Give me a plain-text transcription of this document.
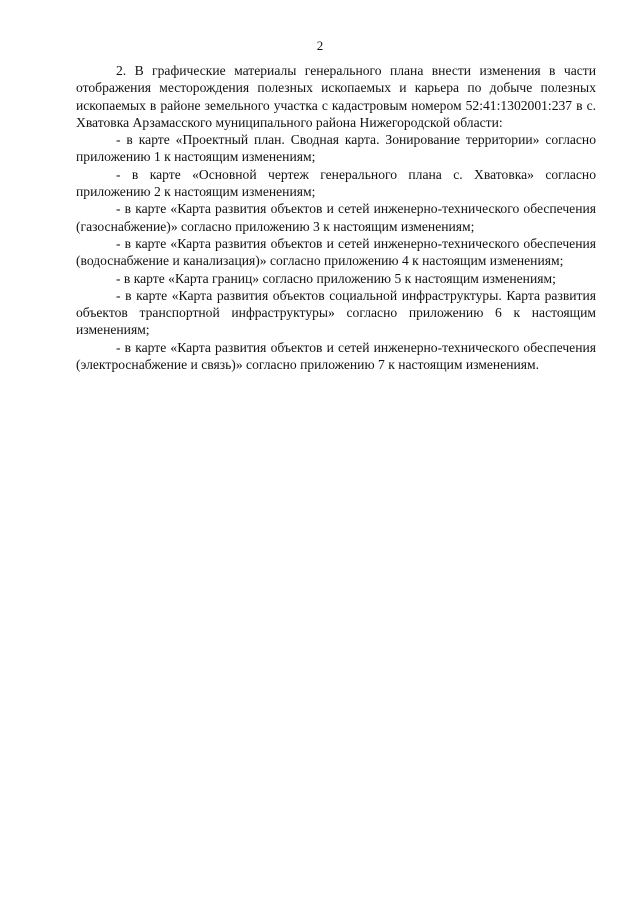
2

2. В графические материалы генерального плана внести изменения в части отображения месторождения полезных ископаемых и карьера по добыче полезных ископаемых в районе земельного участка с кадастровым номером 52:41:1302001:237 в с. Хватовка Арзамасского муниципального района Нижегородской области:

- в карте «Проектный план. Сводная карта. Зонирование территории» согласно приложению 1 к настоящим изменениям;

- в карте «Основной чертеж генерального плана с. Хватовка» согласно приложению 2 к настоящим изменениям;

- в карте «Карта развития объектов и сетей инженерно-технического обеспечения (газоснабжение)» согласно приложению 3 к настоящим изменениям;

- в карте «Карта развития объектов и сетей инженерно-технического обеспечения (водоснабжение и канализация)» согласно приложению 4 к настоящим изменениям;

- в карте «Карта границ» согласно приложению 5 к настоящим изменениям;

- в карте «Карта развития объектов социальной инфраструктуры. Карта развития объектов транспортной инфраструктуры» согласно приложению 6 к настоящим изменениям;

- в карте «Карта развития объектов и сетей инженерно-технического обеспечения (электроснабжение и связь)» согласно приложению 7 к настоящим изменениям.
